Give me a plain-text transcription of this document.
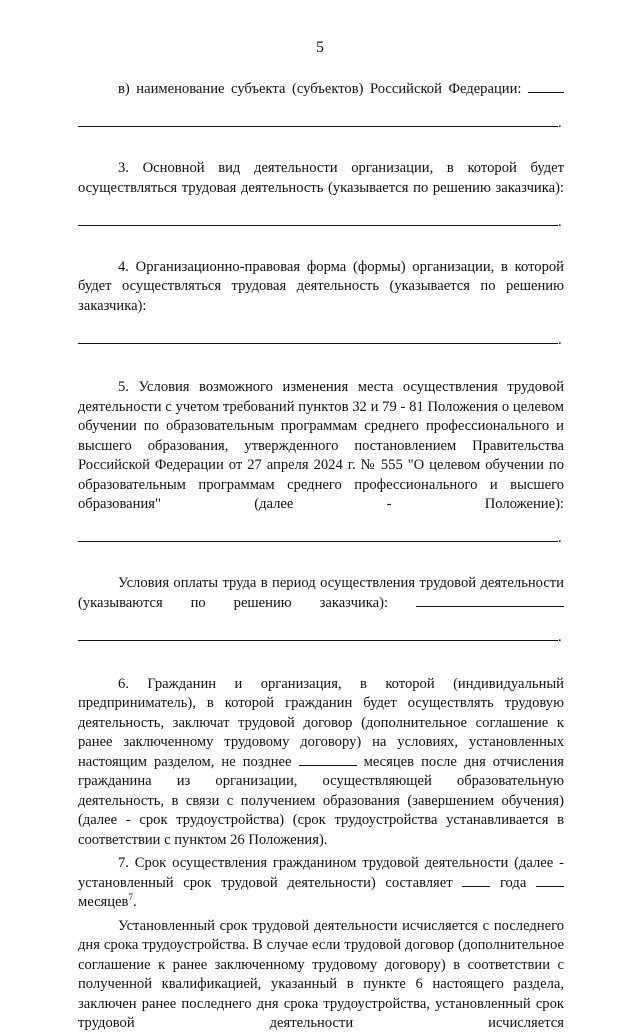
5

в) наименование субъекта (субъектов) Российской Федерации:

.

3. Основной вид деятельности организации, в которой будет осуществляться трудовая деятельность (указывается по решению заказчика):

.

4. Организационно-правовая форма (формы) организации, в которой будет осуществляться трудовая деятельность (указывается по решению заказчика):

.

5. Условия возможного изменения места осуществления трудовой деятельности с учетом требований пунктов 32 и 79 - 81 Положения о целевом обучении по образовательным программам среднего профессионального и высшего образования, утвержденного постановлением Правительства Российской Федерации от 27 апреля 2024 г. № 555 "О целевом обучении по образовательным программам среднего профессионального и высшего образования" (далее - Положение):

.

Условия оплаты труда в период осуществления трудовой деятельности (указываются по решению заказчика):

.

6. Гражданин и организация, в которой (индивидуальный предприниматель), в которой гражданин будет осуществлять трудовую деятельность, заключат трудовой договор (дополнительное соглашение к ранее заключенному трудовому договору) на условиях, установленных настоящим разделом, не позднее	месяцев после дня отчисления гражданина из организации, осуществляющей образовательную деятельность, в связи с получением образования (завершением обучения) (далее - срок трудоустройства) (срок трудоустройства устанавливается в соответствии с пунктом 26 Положения).

7. Срок осуществления гражданином трудовой деятельности (далее - установленный срок трудовой деятельности) составляет	года  месяцев$^7$.

Установленный срок трудовой деятельности исчисляется с последнего дня срока трудоустройства. В случае если трудовой договор (дополнительное соглашение к ранее заключенному трудовому договору) в соответствии с полученной квалификацией, указанный в пункте 6 настоящего раздела, заключен ранее последнего дня срока трудоустройства, установленный срок трудовой деятельности исчисляется
